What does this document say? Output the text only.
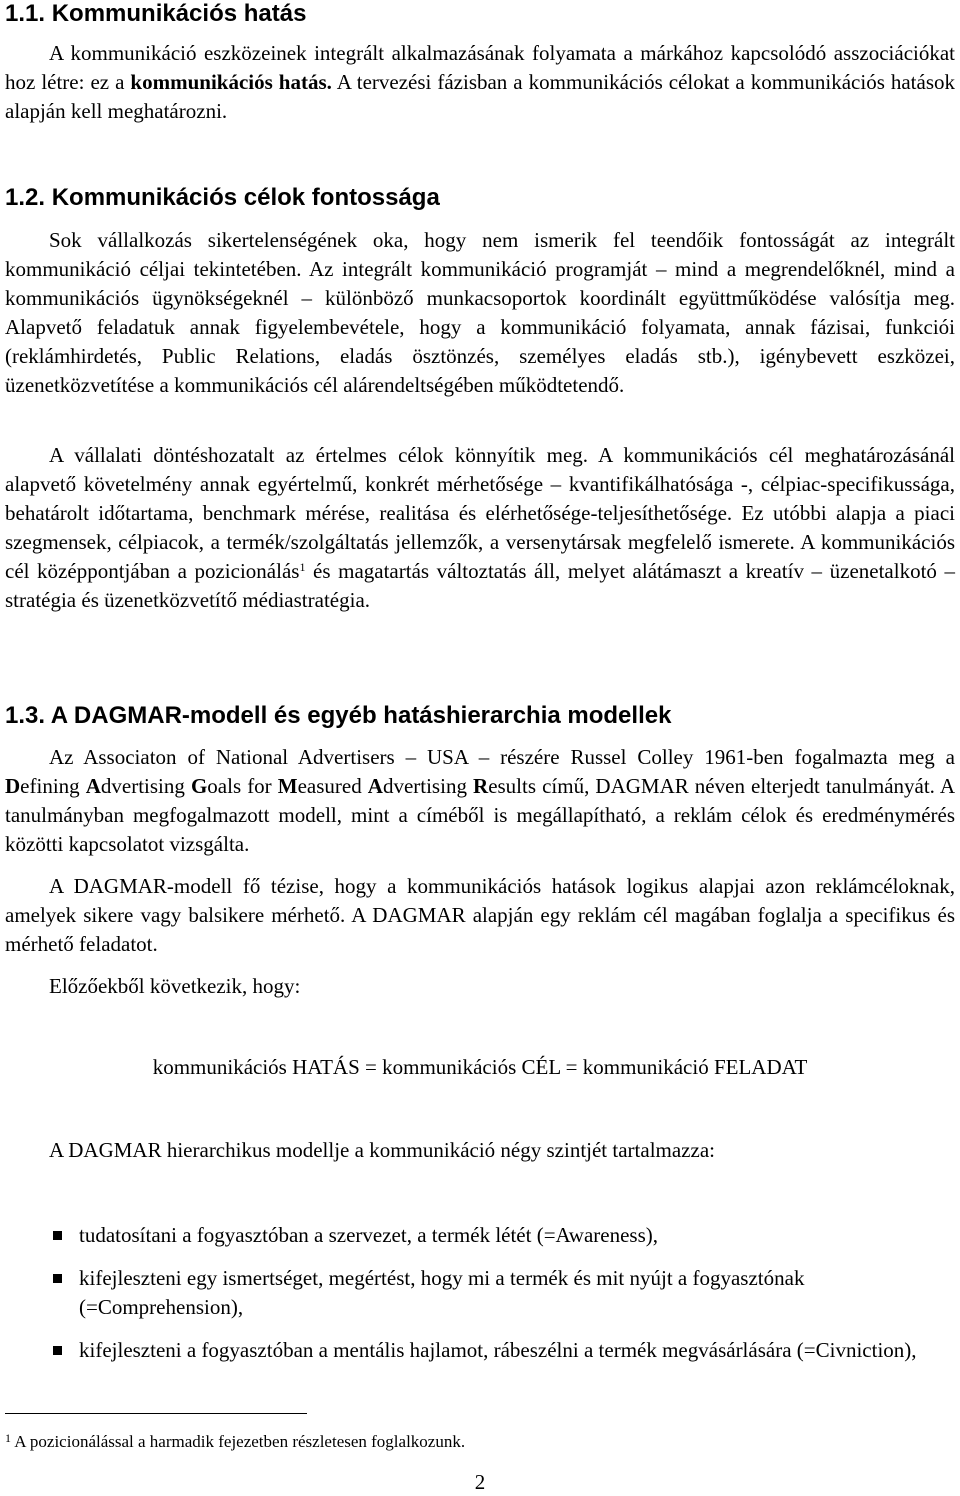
1.1. Kommunikációs hatás

A kommunikáció eszközeinek integrált alkalmazásának folyamata a márkához kapcsolódó asszociációkat hoz létre: ez a kommunikációs hatás. A tervezési fázisban a kommunikációs célokat a kommunikációs hatások alapján kell meghatározni.

1.2. Kommunikációs célok fontossága

Sok vállalkozás sikertelenségének oka, hogy nem ismerik fel teendőik fontosságát az integrált kommunikáció céljai tekintetében. Az integrált kommunikáció programját – mind a megrendelőknél, mind a kommunikációs ügynökségeknél – különböző munkacsoportok koordinált együttműködése valósítja meg. Alapvető feladatuk annak figyelembevétele, hogy a kommunikáció folyamata, annak fázisai, funkciói (reklámhirdetés, Public Relations, eladás ösztönzés, személyes eladás stb.), igénybevett eszközei, üzenetközvetítése a kommunikációs cél alárendeltségében működtetendő.

A vállalati döntéshozatalt az értelmes célok könnyítik meg. A kommunikációs cél meghatározásánál alapvető követelmény annak egyértelmű, konkrét mérhetősége – kvantifikálhatósága -, célpiac-specifikussága, behatárolt időtartama, benchmark mérése, realitása és elérhetősége-teljesíthetősége. Ez utóbbi alapja a piaci szegmensek, célpiacok, a termék/szolgáltatás jellemzők, a versenytársak megfelelő ismerete. A kommunikációs cél középpontjában a pozicionálás$^1$ és magatartás változtatás áll, melyet alátámaszt a kreatív – üzenetalkotó – stratégia és üzenetközvetítő médiastratégia.

1.3. A DAGMAR-modell és egyéb hatáshierarchia modellek

Az Associaton of National Advertisers – USA – részére Russel Colley 1961-ben fogalmazta meg a Defining Advertising Goals for Measured Advertising Results című, DAGMAR néven elterjedt tanulmányát. A tanulmányban megfogalmazott modell, mint a címéből is megállapítható, a reklám célok és eredménymérés közötti kapcsolatot vizsgálta.

A DAGMAR-modell fő tézise, hogy a kommunikációs hatások logikus alapjai azon reklámcéloknak, amelyek sikere vagy balsikere mérhető. A DAGMAR alapján egy reklám cél magában foglalja a specifikus és mérhető feladatot.

Előzőekből következik, hogy:

kommunikációs HATÁS = kommunikációs CÉL = kommunikáció FELADAT

A DAGMAR hierarchikus modellje a kommunikáció négy szintjét tartalmazza:

tudatosítani a fogyasztóban a szervezet, a termék létét (=Awareness),
kifejleszteni egy ismertséget, megértést, hogy mi a termék és mit nyújt a fogyasztónak (=Comprehension),
kifejleszteni a fogyasztóban a mentális hajlamot, rábeszélni a termék megvásárlására (=Civniction),
$^1$ A pozicionálással a harmadik fejezetben részletesen foglalkozunk.
2
